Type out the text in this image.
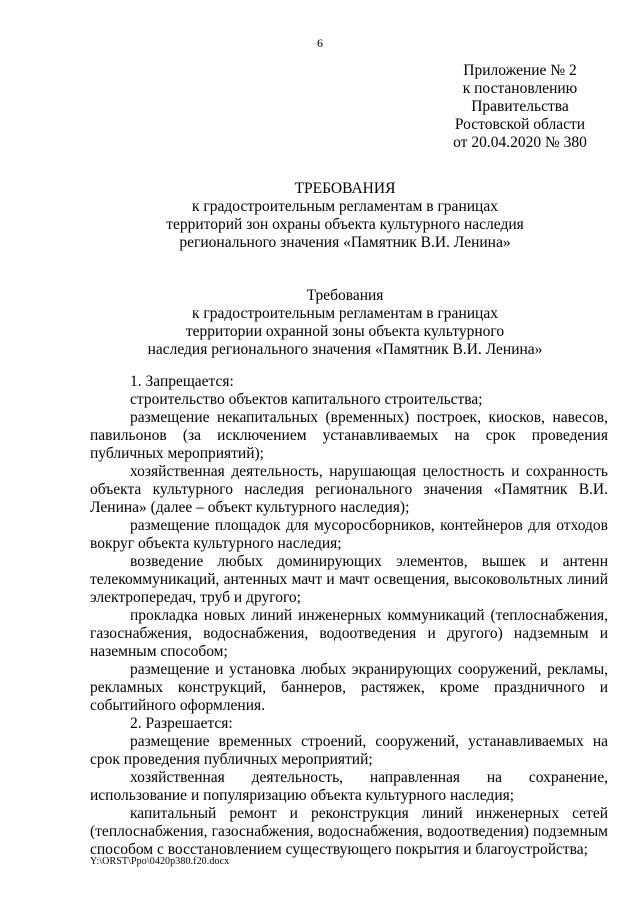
6
Приложение № 2
к постановлению
Правительства
Ростовской области
от 20.04.2020 № 380
ТРЕБОВАНИЯ
к градостроительным регламентам в границах
территорий зон охраны объекта культурного наследия
регионального значения «Памятник В.И. Ленина»
Требования
к градостроительным регламентам в границах
территории охранной зоны объекта культурного
наследия регионального значения «Памятник В.И. Ленина»

1. Запрещается:

строительство объектов капитального строительства;

размещение некапитальных (временных) построек, киосков, навесов, павильонов (за исключением устанавливаемых на срок проведения публичных мероприятий);

хозяйственная деятельность, нарушающая целостность и сохранность объекта культурного наследия регионального значения «Памятник В.И. Ленина» (далее – объект культурного наследия);

размещение площадок для мусоросборников, контейнеров для отходов вокруг объекта культурного наследия;

возведение любых доминирующих элементов, вышек и антенн телекоммуникаций, антенных мачт и мачт освещения, высоковольтных линий электропередач, труб и другого;

прокладка новых линий инженерных коммуникаций (теплоснабжения, газоснабжения, водоснабжения, водоотведения и другого) надземным и наземным способом;

размещение и установка любых экранирующих сооружений, рекламы, рекламных конструкций, баннеров, растяжек, кроме праздничного и событийного оформления.

2. Разрешается:

размещение временных строений, сооружений, устанавливаемых на срок проведения публичных мероприятий;

хозяйственная деятельность, направленная на сохранение, использование и популяризацию объекта культурного наследия;

капитальный ремонт и реконструкция линий инженерных сетей (теплоснабжения, газоснабжения, водоснабжения, водоотведения) подземным способом с восстановлением существующего покрытия и благоустройства;

Y:\ORST\Ppo\0420p380.f20.docx
